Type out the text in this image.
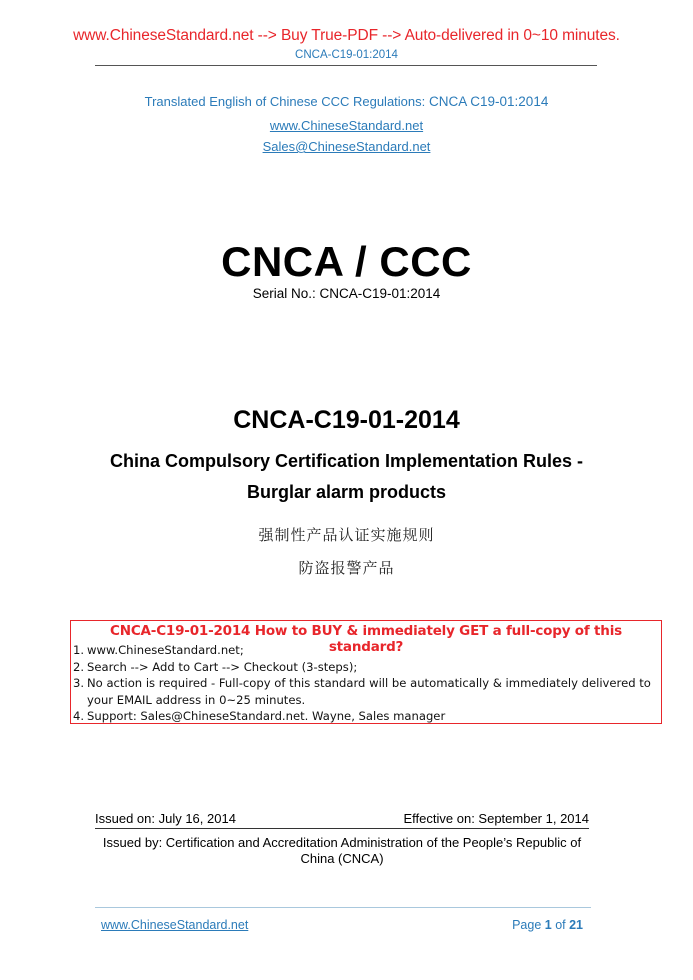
www.ChineseStandard.net --> Buy True-PDF --> Auto-delivered in 0~10 minutes.
CNCA-C19-01:2014
Translated English of Chinese CCC Regulations: CNCA C19-01:2014
www.ChineseStandard.net
Sales@ChineseStandard.net
CNCA / CCC
Serial No.: CNCA-C19-01:2014
CNCA-C19-01-2014
China Compulsory Certification Implementation Rules -
Burglar alarm products
强制性产品认证实施规则
防盗报警产品
CNCA-C19-01-2014 How to BUY & immediately GET a full-copy of this standard?
1. www.ChineseStandard.net;
2. Search --> Add to Cart --> Checkout (3-steps);
3. No action is required - Full-copy of this standard will be automatically & immediately delivered to your EMAIL address in 0~25 minutes.
4. Support: Sales@ChineseStandard.net. Wayne, Sales manager
Issued on: July 16, 2014	Effective on: September 1, 2014
Issued by: Certification and Accreditation Administration of the People’s Republic of China (CNCA)
www.ChineseStandard.net	Page 1 of 21
